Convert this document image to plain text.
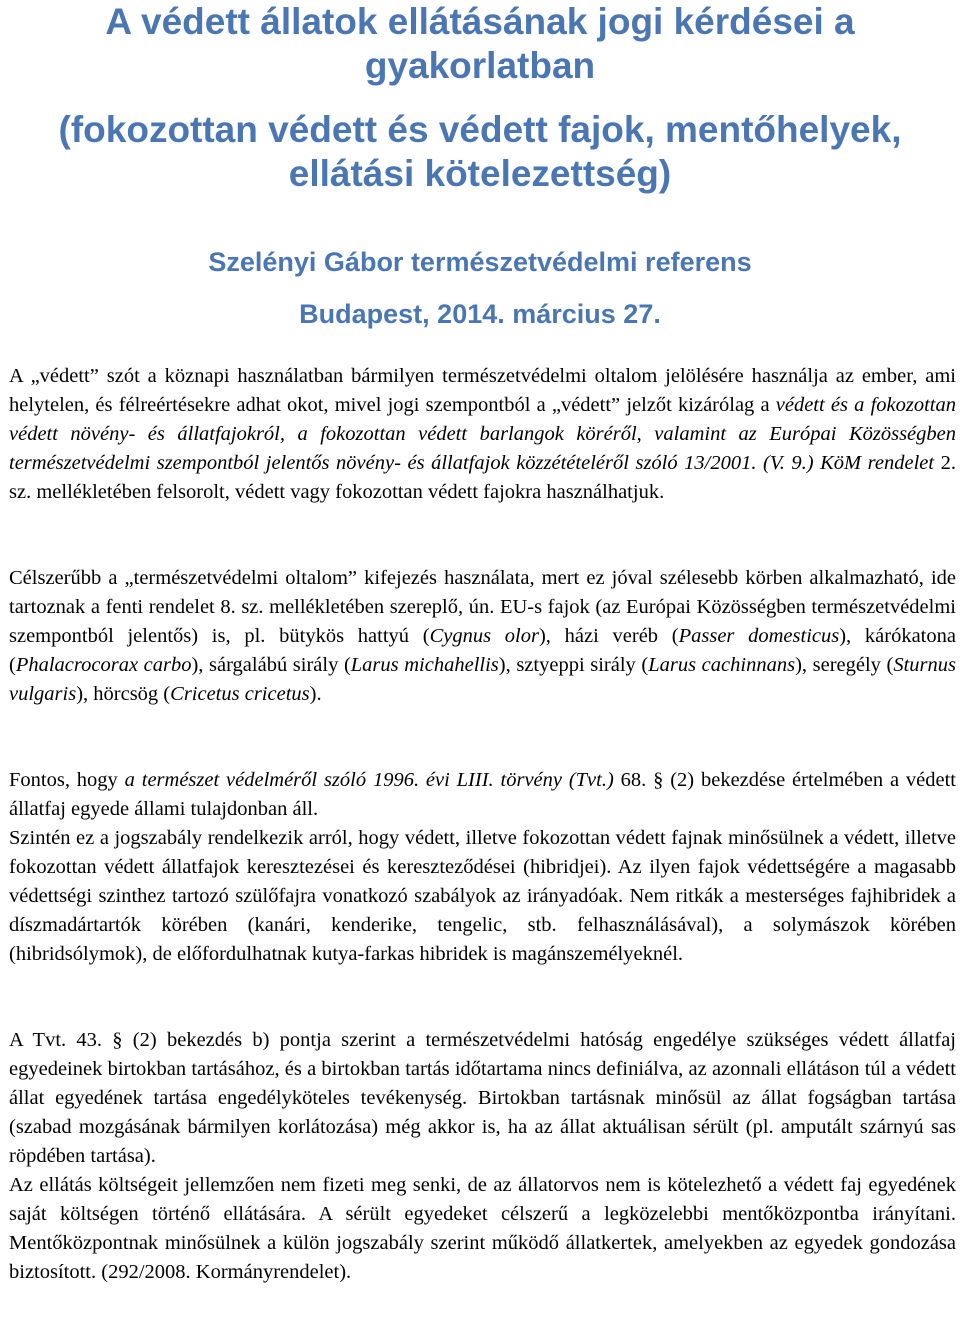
A védett állatok ellátásának jogi kérdései a gyakorlatban
(fokozottan védett és védett fajok, mentőhelyek, ellátási kötelezettség)
Szelényi Gábor természetvédelmi referens
Budapest, 2014. március 27.

A „védett” szót a köznapi használatban bármilyen természetvédelmi oltalom jelölésére használja az ember, ami helytelen, és félreértésekre adhat okot, mivel jogi szempontból a „védett” jelzőt kizárólag a védett és a fokozottan védett növény- és állatfajokról, a fokozottan védett barlangok köréről, valamint az Európai Közösségben természetvédelmi szempontból jelentős növény- és állatfajok közzétételéről szóló 13/2001. (V. 9.) KöM rendelet 2. sz. mellékletében felsorolt, védett vagy fokozottan védett fajokra használhatjuk.

Célszerűbb a „természetvédelmi oltalom” kifejezés használata, mert ez jóval szélesebb körben alkalmazható, ide tartoznak a fenti rendelet 8. sz. mellékletében szereplő, ún. EU-s fajok (az Európai Közösségben természetvédelmi szempontból jelentős) is, pl. bütykös hattyú (Cygnus olor), házi veréb (Passer domesticus), kárókatona (Phalacrocorax carbo), sárgalábú sirály (Larus michahellis), sztyeppi sirály (Larus cachinnans), seregély (Sturnus vulgaris), hörcsög (Cricetus cricetus).

Fontos, hogy a természet védelméről szóló 1996. évi LIII. törvény (Tvt.) 68. § (2) bekezdése értelmében a védett állatfaj egyede állami tulajdonban áll.
Szintén ez a jogszabály rendelkezik arról, hogy védett, illetve fokozottan védett fajnak minősülnek a védett, illetve fokozottan védett állatfajok keresztezései és kereszteződései (hibridjei). Az ilyen fajok védettségére a magasabb védettségi szinthez tartozó szülőfajra vonatkozó szabályok az irányadóak. Nem ritkák a mesterséges fajhibridek a díszmadártartók körében (kanári, kenderike, tengelic, stb. felhasználásával), a solymászok körében (hibridsólymok), de előfordulhatnak kutya-farkas hibridek is magánszemélyeknél.
A Tvt. 43. § (2) bekezdés b) pontja szerint a természetvédelmi hatóság engedélye szükséges védett állatfaj egyedeinek birtokban tartásához, és a birtokban tartás időtartama nincs definiálva, az azonnali ellátáson túl a védett állat egyedének tartása engedélyköteles tevékenység. Birtokban tartásnak minősül az állat fogságban tartása (szabad mozgásának bármilyen korlátozása) még akkor is, ha az állat aktuálisan sérült (pl. amputált szárnyú sas röpdében tartása).
Az ellátás költségeit jellemzően nem fizeti meg senki, de az állatorvos nem is kötelezhető a védett faj egyedének saját költségen történő ellátására. A sérült egyedeket célszerű a legközelebbi mentőközpontba irányítani. Mentőközpontnak minősülnek a külön jogszabály szerint működő állatkertek, amelyekben az egyedek gondozása biztosított. (292/2008. Kormányrendelet).
